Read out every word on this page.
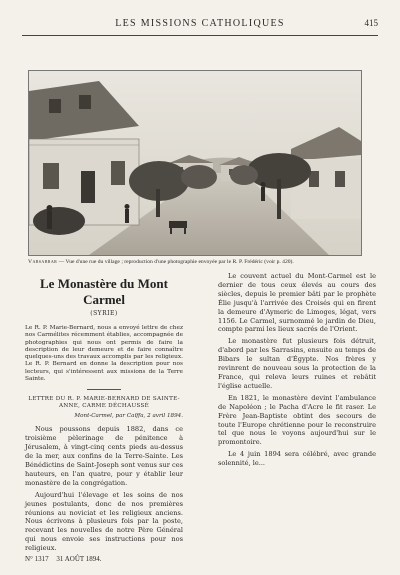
LES MISSIONS CATHOLIQUES	415
Varsabrar — Vue d'une rue du village ; reproduction d'une photographie envoyée par le R. P. Frédéric (voir p. 420).
Le Monastère du Mont Carmel
(SYRIE)
Le R. P. Marie-Bernard, nous a envoyé lettre de chez nos Carmélites récemment établies, accompagnée de photographies qui nous ont permis de faire la description de leur demeure et de faire connaître quelques-uns des travaux accomplis par les religieux. Le R. P. Bernard en donne la description pour nos lecteurs, qui s'intéressent aux missions de la Terre Sainte.
LETTRE DU R. P. MARIE-BERNARD DE SAINTE-ANNE, CARME DÉCHAUSSÉ
Mont-Carmel, par Caïffa, 2 avril 1894.

Nous poussons depuis 1882, dans ce troisième pèlerinage de pénitence à Jérusalem, à vingt-cinq cents pieds au-dessus de la mer, aux confins de la Terre-Sainte. Les Bénédictins de Saint-Joseph sont venus sur ces hauteurs, en l'an quatre, pour y établir leur monastère de la congrégation.

Aujourd'hui l'élevage et les soins de nos jeunes postulants, donc de nos premières réunions au noviciat et les religieux anciens. Nous écrivons à plusieurs fois par la poste, recevant les nouvelles de notre Père Général qui nous envoie ses instructions pour nos religieux.

Le couvent actuel du Mont-Carmel est le dernier de tous ceux élevés au cours des siècles, depuis le premier bâti par le prophète Élie jusqu'à l'arrivée des Croisés qui en firent la demeure d'Aymeric de Limoges, légat, vers 1156. Le Carmel, surnommé le jardin de Dieu, compte parmi les lieux sacrés de l'Orient.

Le monastère fut plusieurs fois détruit, d'abord par les Sarrasins, ensuite au temps de Bibars le sultan d'Égypte. Nos frères y revinrent de nouveau sous la protection de la France, qui releva leurs ruines et rebâtit l'église actuelle.

En 1821, le monastère devint l'ambulance de Napoléon ; le Pacha d'Acre le fit raser. Le Frère Jean-Baptiste obtint des secours de toute l'Europe chrétienne pour le reconstruire tel que nous le voyons aujourd'hui sur le promontoire.

Le 4 juin 1894 sera célébré, avec grande solennité, le...

N° 1317 31 AOÛT 1894.
